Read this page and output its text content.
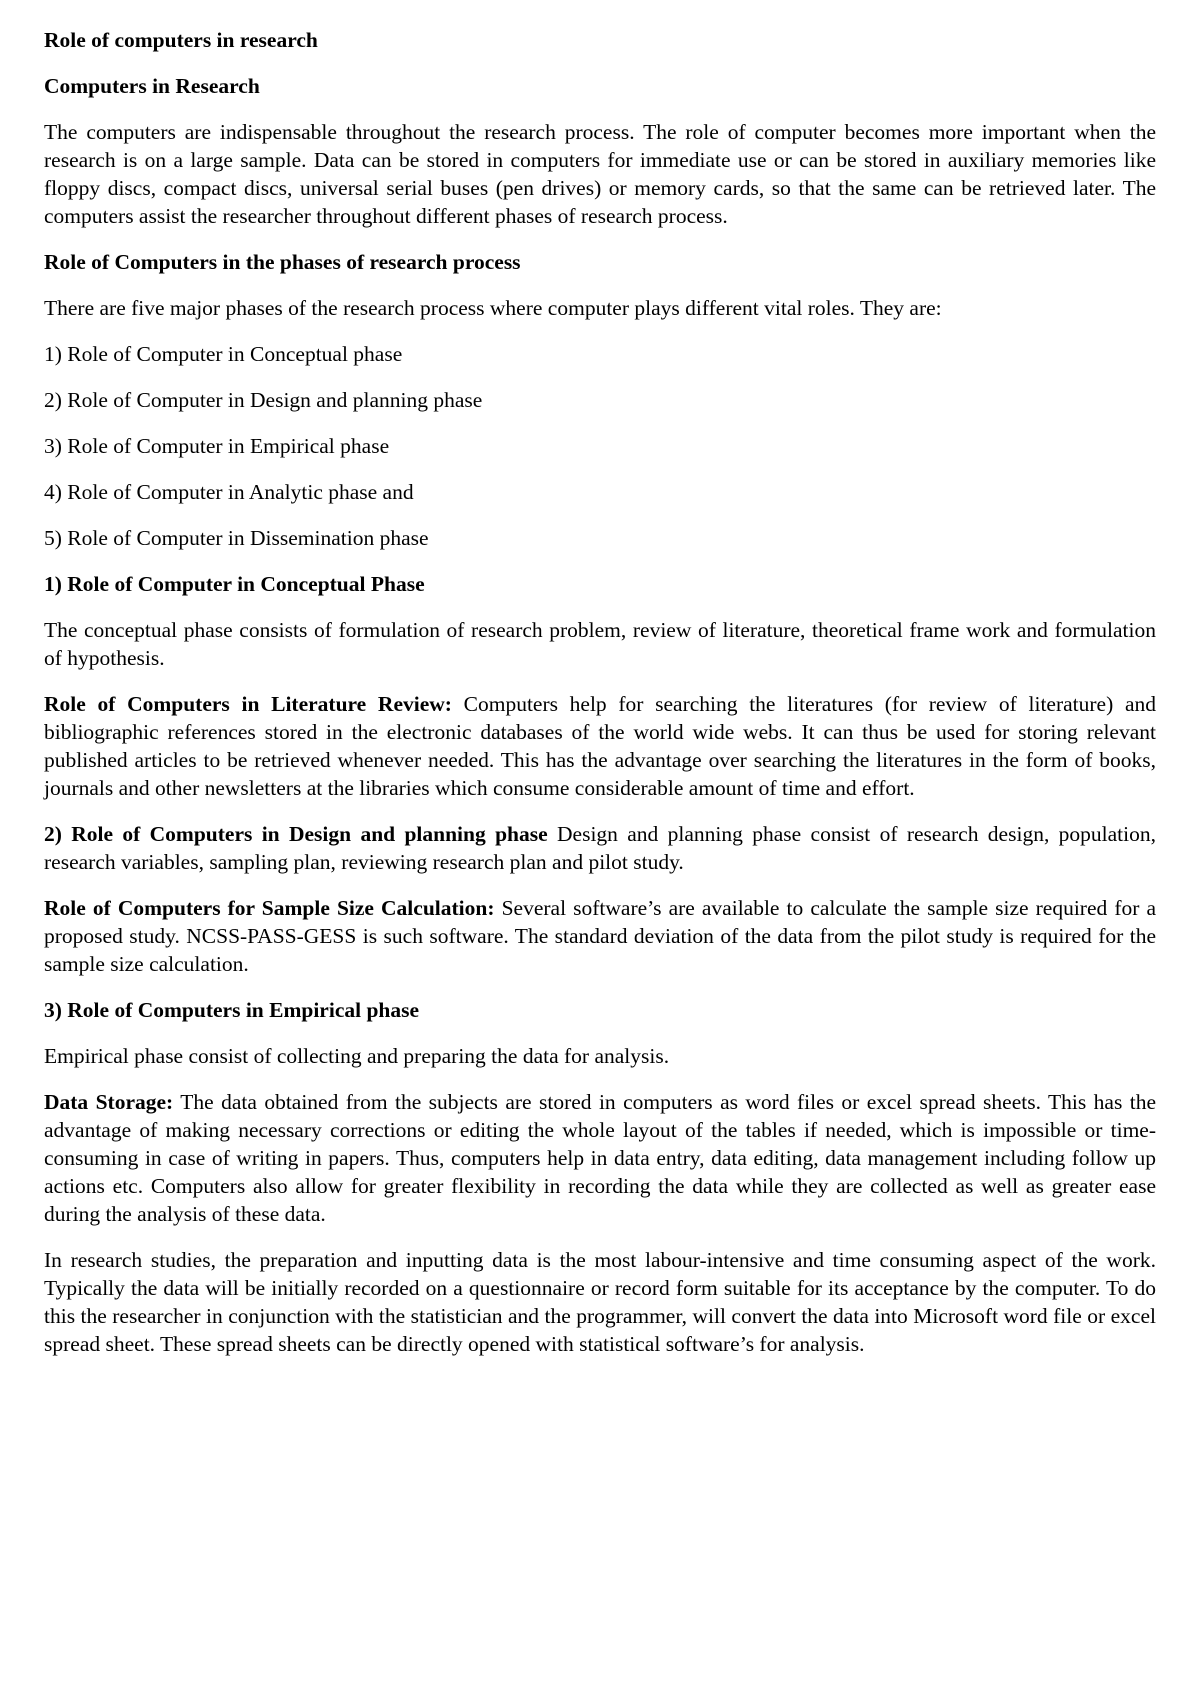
Role of computers in research

Computers in Research

The computers are indispensable throughout the research process. The role of computer becomes more important when the research is on a large sample. Data can be stored in computers for immediate use or can be stored in auxiliary memories like floppy discs, compact discs, universal serial buses (pen drives) or memory cards, so that the same can be retrieved later. The computers assist the researcher throughout different phases of research process.

Role of Computers in the phases of research process

There are five major phases of the research process where computer plays different vital roles. They are:

1) Role of Computer in Conceptual phase

2) Role of Computer in Design and planning phase

3) Role of Computer in Empirical phase

4) Role of Computer in Analytic phase and

5) Role of Computer in Dissemination phase

1) Role of Computer in Conceptual Phase

The conceptual phase consists of formulation of research problem, review of literature, theoretical frame work and formulation of hypothesis.

Role of Computers in Literature Review: Computers help for searching the literatures (for review of literature) and bibliographic references stored in the electronic databases of the world wide webs. It can thus be used for storing relevant published articles to be retrieved whenever needed. This has the advantage over searching the literatures in the form of books, journals and other newsletters at the libraries which consume considerable amount of time and effort.

2) Role of Computers in Design and planning phase Design and planning phase consist of research design, population, research variables, sampling plan, reviewing research plan and pilot study.

Role of Computers for Sample Size Calculation: Several software’s are available to calculate the sample size required for a proposed study. NCSS-PASS-GESS is such software. The standard deviation of the data from the pilot study is required for the sample size calculation.

3) Role of Computers in Empirical phase

Empirical phase consist of collecting and preparing the data for analysis.

Data Storage: The data obtained from the subjects are stored in computers as word files or excel spread sheets. This has the advantage of making necessary corrections or editing the whole layout of the tables if needed, which is impossible or time-consuming in case of writing in papers. Thus, computers help in data entry, data editing, data management including follow up actions etc. Computers also allow for greater flexibility in recording the data while they are collected as well as greater ease during the analysis of these data.

In research studies, the preparation and inputting data is the most labour-intensive and time consuming aspect of the work. Typically the data will be initially recorded on a questionnaire or record form suitable for its acceptance by the computer. To do this the researcher in conjunction with the statistician and the programmer, will convert the data into Microsoft word file or excel spread sheet. These spread sheets can be directly opened with statistical software’s for analysis.
